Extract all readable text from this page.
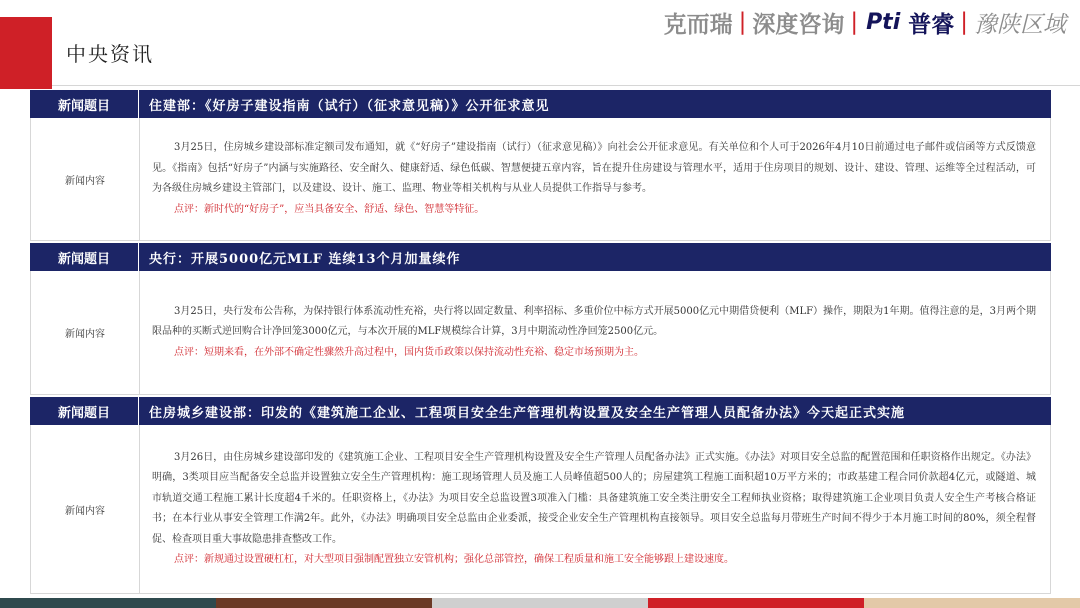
中央资讯
克而瑞 | 深度咨询 | Pti 普睿 | 豫陕区域
新闻题目	住建部：《好房子建设指南（试行）（征求意见稿）》公开征求意见
新闻内容

3月25日，住房城乡建设部标准定额司发布通知，就《“好房子”建设指南（试行）（征求意见稿）》向社会公开征求意见。有关单位和个人可于2026年4月10日前通过电子邮件或信函等方式反馈意见。《指南》包括“好房子”内涵与实施路径、安全耐久、健康舒适、绿色低碳、智慧便捷五章内容，旨在提升住房建设与管理水平，适用于住房项目的规划、设计、建设、管理、运维等全过程活动，可为各级住房城乡建设主管部门，以及建设、设计、施工、监理、物业等相关机构与从业人员提供工作指导与参考。

点评：新时代的“好房子”，应当具备安全、舒适、绿色、智慧等特征。

新闻题目	央行：开展5000亿元MLF 连续13个月加量续作
新闻内容

3月25日，央行发布公告称，为保持银行体系流动性充裕，央行将以固定数量、利率招标、多重价位中标方式开展5000亿元中期借贷便利（MLF）操作，期限为1年期。值得注意的是，3月两个期限品种的买断式逆回购合计净回笼3000亿元，与本次开展的MLF规模综合计算，3月中期流动性净回笼2500亿元。

点评：短期来看，在外部不确定性骤然升高过程中，国内货币政策以保持流动性充裕、稳定市场预期为主。

新闻题目	住房城乡建设部：印发的《建筑施工企业、工程项目安全生产管理机构设置及安全生产管理人员配备办法》今天起正式实施
新闻内容

3月26日，由住房城乡建设部印发的《建筑施工企业、工程项目安全生产管理机构设置及安全生产管理人员配备办法》正式实施。《办法》对项目安全总监的配置范围和任职资格作出规定。《办法》明确，3类项目应当配备安全总监并设置独立安全生产管理机构：施工现场管理人员及施工人员峰值超500人的；房屋建筑工程施工面积超10万平方米的；市政基建工程合同价款超4亿元，或隧道、城市轨道交通工程施工累计长度超4千米的。任职资格上，《办法》为项目安全总监设置3项准入门槛：具备建筑施工安全类注册安全工程师执业资格；取得建筑施工企业项目负责人安全生产考核合格证书；在本行业从事安全管理工作满2年。此外，《办法》明确项目安全总监由企业委派，接受企业安全生产管理机构直接领导。项目安全总监每月带班生产时间不得少于本月施工时间的80%，须全程督促、检查项目重大事故隐患排查整改工作。

点评：新规通过设置硬杠杠，对大型项目强制配置独立安管机构；强化总部管控，确保工程质量和施工安全能够跟上建设速度。
